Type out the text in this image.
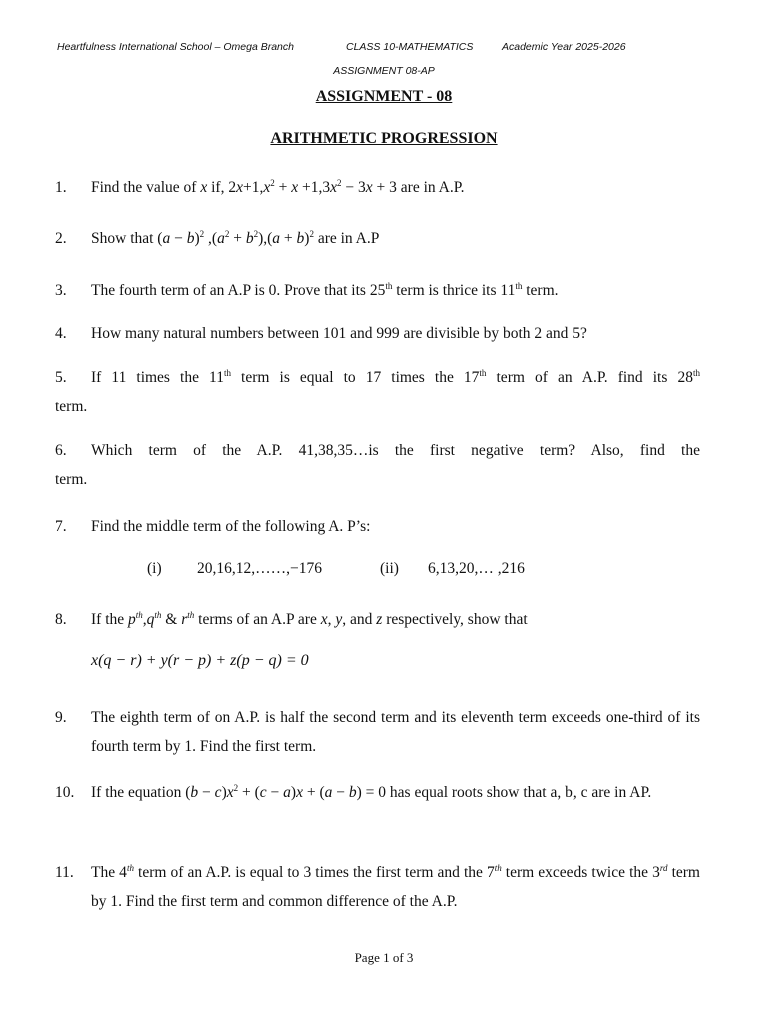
Heartfulness International School – Omega Branch	CLASS 10-MATHEMATICS	Academic Year 2025-2026
ASSIGNMENT 08-AP
ASSIGNMENT - 08
ARITHMETIC PROGRESSION
1. Find the value of x if, $2x+1,x^2 + x +1,3x^2 - 3x + 3$ are in A.P.
2. Show that $(a - b)^2$ $,(a^2 + b^2),(a + b)^2$ are in A.P
3. The fourth term of an A.P is 0. Prove that its 25th term is thrice its 11th term.
4. How many natural numbers between 101 and 999 are divisible by both 2 and 5?
5. If 11 times the 11th term is equal to 17 times the 17th term of an A.P. find its 28th
term.
6. Which term of the A.P. 41,38,35…is the first negative term? Also, find the
term.
7. Find the middle term of the following A. P’s:
(i) 20,16,12,……,−176	(ii) 6,13,20,… ,216
8. If the $p^{th},q^{th}$ & $r^{th}$ terms of an A.P are x, y, and z respectively, show that
x(q − r) + y(r − p) + z(p − q) = 0
9. The eighth term of on A.P. is half the second term and its eleventh term exceeds one-third of its fourth term by 1. Find the first term.
10. If the equation $(b - c)x^2 + (c - a)x + (a - b) = 0$ has equal roots show that a, b, c are in AP.
11. The 4th term of an A.P. is equal to 3 times the first term and the 7th term exceeds twice the 3rd term by 1. Find the first term and common difference of the A.P.
Page 1 of 3
